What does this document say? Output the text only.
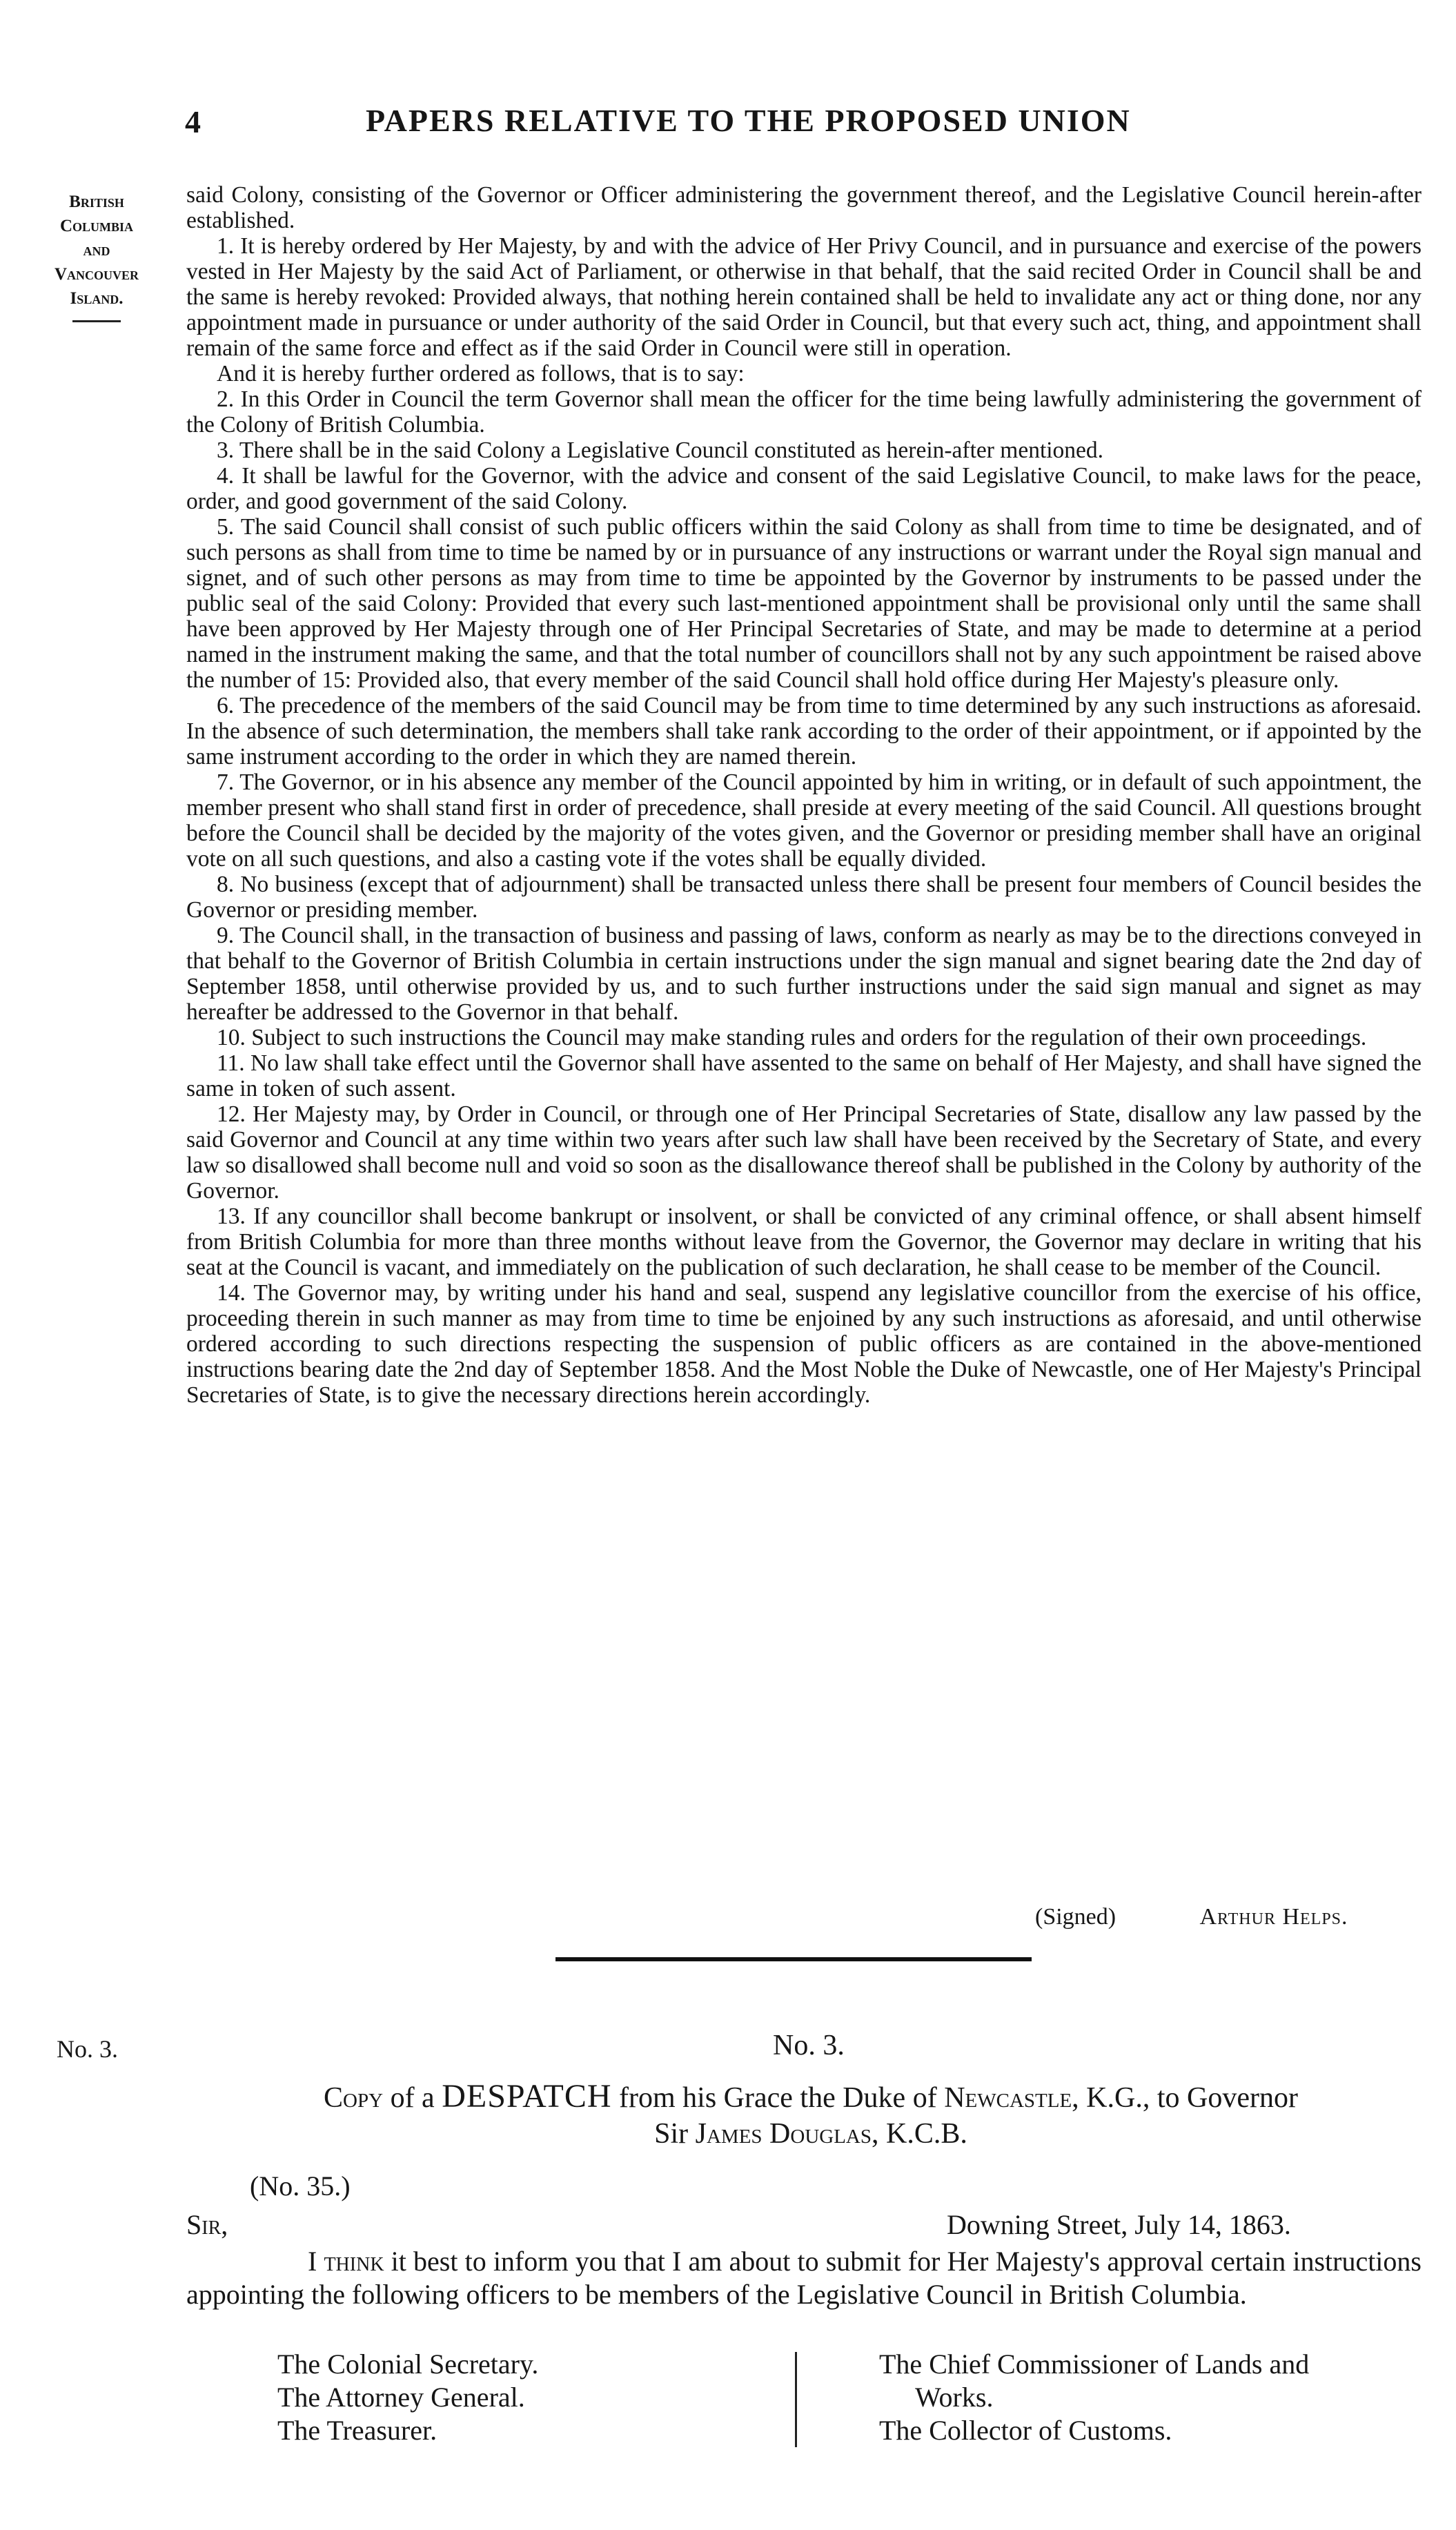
4	PAPERS RELATIVE TO THE PROPOSED UNION
British
Columbia
and
Vancouver
Island.

said Colony, consisting of the Governor or Officer administering the government thereof, and the Legislative Council herein-after established.

1. It is hereby ordered by Her Majesty, by and with the advice of Her Privy Council, and in pursuance and exercise of the powers vested in Her Majesty by the said Act of Parliament, or otherwise in that behalf, that the said recited Order in Council shall be and the same is hereby revoked: Provided always, that nothing herein contained shall be held to invalidate any act or thing done, nor any appointment made in pursuance or under authority of the said Order in Council, but that every such act, thing, and appointment shall remain of the same force and effect as if the said Order in Council were still in operation.

And it is hereby further ordered as follows, that is to say:

2. In this Order in Council the term Governor shall mean the officer for the time being lawfully administering the government of the Colony of British Columbia.

3. There shall be in the said Colony a Legislative Council constituted as herein-after mentioned.

4. It shall be lawful for the Governor, with the advice and consent of the said Legislative Council, to make laws for the peace, order, and good government of the said Colony.

5. The said Council shall consist of such public officers within the said Colony as shall from time to time be designated, and of such persons as shall from time to time be named by or in pursuance of any instructions or warrant under the Royal sign manual and signet, and of such other persons as may from time to time be appointed by the Governor by instruments to be passed under the public seal of the said Colony: Provided that every such last-mentioned appointment shall be provisional only until the same shall have been approved by Her Majesty through one of Her Principal Secretaries of State, and may be made to determine at a period named in the instrument making the same, and that the total number of councillors shall not by any such appointment be raised above the number of 15: Provided also, that every member of the said Council shall hold office during Her Majesty's pleasure only.

6. The precedence of the members of the said Council may be from time to time determined by any such instructions as aforesaid. In the absence of such determination, the members shall take rank according to the order of their appointment, or if appointed by the same instrument according to the order in which they are named therein.

7. The Governor, or in his absence any member of the Council appointed by him in writing, or in default of such appointment, the member present who shall stand first in order of precedence, shall preside at every meeting of the said Council. All questions brought before the Council shall be decided by the majority of the votes given, and the Governor or presiding member shall have an original vote on all such questions, and also a casting vote if the votes shall be equally divided.

8. No business (except that of adjournment) shall be transacted unless there shall be present four members of Council besides the Governor or presiding member.

9. The Council shall, in the transaction of business and passing of laws, conform as nearly as may be to the directions conveyed in that behalf to the Governor of British Columbia in certain instructions under the sign manual and signet bearing date the 2nd day of September 1858, until otherwise provided by us, and to such further instructions under the said sign manual and signet as may hereafter be addressed to the Governor in that behalf.

10. Subject to such instructions the Council may make standing rules and orders for the regulation of their own proceedings.

11. No law shall take effect until the Governor shall have assented to the same on behalf of Her Majesty, and shall have signed the same in token of such assent.

12. Her Majesty may, by Order in Council, or through one of Her Principal Secretaries of State, disallow any law passed by the said Governor and Council at any time within two years after such law shall have been received by the Secretary of State, and every law so disallowed shall become null and void so soon as the disallowance thereof shall be published in the Colony by authority of the Governor.

13. If any councillor shall become bankrupt or insolvent, or shall be convicted of any criminal offence, or shall absent himself from British Columbia for more than three months without leave from the Governor, the Governor may declare in writing that his seat at the Council is vacant, and immediately on the publication of such declaration, he shall cease to be member of the Council.

14. The Governor may, by writing under his hand and seal, suspend any legislative councillor from the exercise of his office, proceeding therein in such manner as may from time to time be enjoined by any such instructions as aforesaid, and until otherwise ordered according to such directions respecting the suspension of public officers as are contained in the above-mentioned instructions bearing date the 2nd day of September 1858. And the Most Noble the Duke of Newcastle, one of Her Majesty's Principal Secretaries of State, is to give the necessary directions herein accordingly.

(Signed)	Arthur Helps.
No. 3.	No. 3.
Copy of a DESPATCH from his Grace the Duke of Newcastle, K.G., to Governor
Sir James Douglas, K.C.B.
(No. 35.)
Sir,	Downing Street, July 14, 1863.
I think it best to inform you that I am about to submit for Her Majesty's approval certain instructions appointing the following officers to be members of the Legislative Council in British Columbia.
The Colonial Secretary.
The Attorney General.
The Treasurer.
The Chief Commissioner of Lands and
Works.
The Collector of Customs.
